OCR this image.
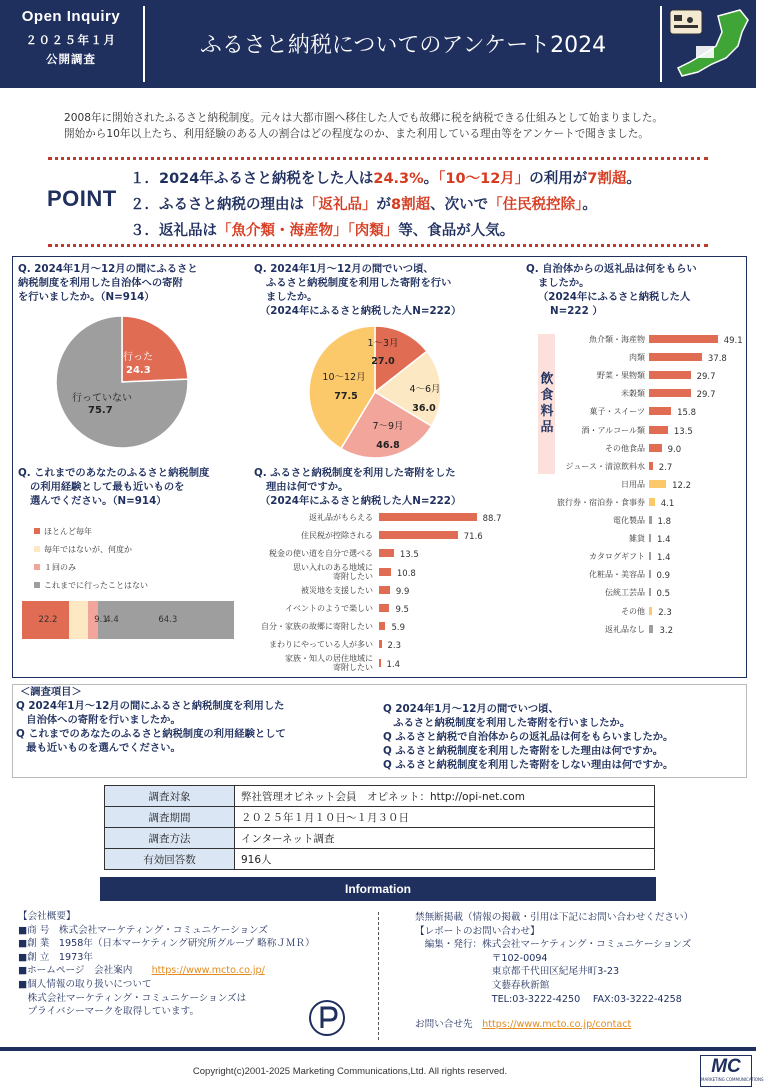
Open Inquiry
２０２５年１月
公開調査
ふるさと納税についてのアンケート2024
2008年に開始されたふるさと納税制度。元々は大都市圏へ移住した人でも故郷に税を納税できる仕組みとして始まりました。
開始から10年以上たち、利用経験のある人の割合はどの程度なのか、また利用している理由等をアンケートで聞きました。
POINT
１．2024年ふるさと納税をした人は24.3%。「10～12月」の利用が7割超。
２．ふるさと納税の理由は「返礼品」が8割超、次いで「住民税控除」。
３．返礼品は「魚介類・海産物」「肉類」等、食品が人気。
Q. 2024年1月～12月の間にふるさと
納税制度を利用した自治体への寄附
を行いましたか。（N=914）
行った
24.3
行っていない
75.7
Q. 2024年1月～12月の間でいつ頃、
ふるさと納税制度を利用した寄附を行い
ましたか。
（2024年にふるさと納税した人N=222）
1～3月
27.0
4～6月
36.0
7～9月
46.8
10～12月
77.5
Q. 自治体からの返礼品は何をもらい
ましたか。
（2024年にふるさと納税した人
N=222 ）
飲食料品
魚介類・海産物	49.1
肉類	37.8
野菜・果物類	29.7
米穀類	29.7
菓子・スイーツ	15.8
酒・アルコール類	13.5
その他食品	9.0
ジュース・清涼飲料水 2.7
日用品	12.2
旅行券・宿泊券・食事券 4.1
電化製品 1.8
雑貨 1.4
カタログギフト 1.4
化粧品・美容品 0.9
伝統工芸品 0.5
その他 2.3
返礼品なし 3.2
Q. これまでのあなたのふるさと納税制度
の利用経験として最も近いものを
選んでください。（N=914）
ほとんど毎年
毎年ではないが、何度か
１回のみ
これまでに行ったことはない
22.2	9.1
4.4	64.3
Q. ふるさと納税制度を利用した寄附をした
理由は何ですか。
（2024年にふるさと納税した人N=222）
返礼品がもらえる	88.7
住民税が控除される	71.6
税金の使い道を自分で選べる	13.5
思い入れのある地域に
寄附したい	10.8
被災地を支援したい	9.9
イベントのようで楽しい	9.5
自分・家族の故郷に寄附したい 5.9
まわりにやっている人が多い 2.3
家族・知人の居住地域に
寄附したい 1.4
＜調査項目＞
Q 2024年1月～12月の間にふるさと納税制度を利用した
　自治体への寄附を行いましたか。
Q これまでのあなたのふるさと納税制度の利用経験として
　最も近いものを選んでください。
Q 2024年1月～12月の間でいつ頃、
　ふるさと納税制度を利用した寄附を行いましたか。
Q ふるさと納税で自治体からの返礼品は何をもらいましたか。
Q ふるさと納税制度を利用した寄附をした理由は何ですか。
Q ふるさと納税制度を利用した寄附をしない理由は何ですか。
調査対象	弊社管理オピネット会員　オピネット：http://opi-net.com
調査期間	２０２５年１月１０日～１月３０日
調査方法	インターネット調査
有効回答数	916人
Information
【会社概要】
■商 号　株式会社マーケティング・コミュニケーションズ
■創 業　1958年（日本マーケティング研究所グループ 略称ＪＭＲ）
■創 立　1973年
■ホームページ　会社案内　　 https://www.mcto.co.jp/
■個人情報の取り扱いについて
　株式会社マーケティング・コミュニケーションズは
　プライバシーマークを取得しています。
禁無断掲載（情報の掲載・引用は下記にお問い合わせください）
【レポートのお問い合わせ】
　編集・発行：株式会社マーケティング・コミュニケーションズ
　　　　　　　　〒102-0094
　　　　　　　　東京都千代田区紀尾井町3-23
　　　　　　　　文藝春秋新館
　　　　　　　　TEL:03-3222-4250　 FAX:03-3222-4258
お問い合せ先　 https://www.mcto.co.jp/contact
Copyright(c)2001-2025 Marketing Communications,Ltd. All rights reserved.	MC
MARKETING COMMUNICATIONS
